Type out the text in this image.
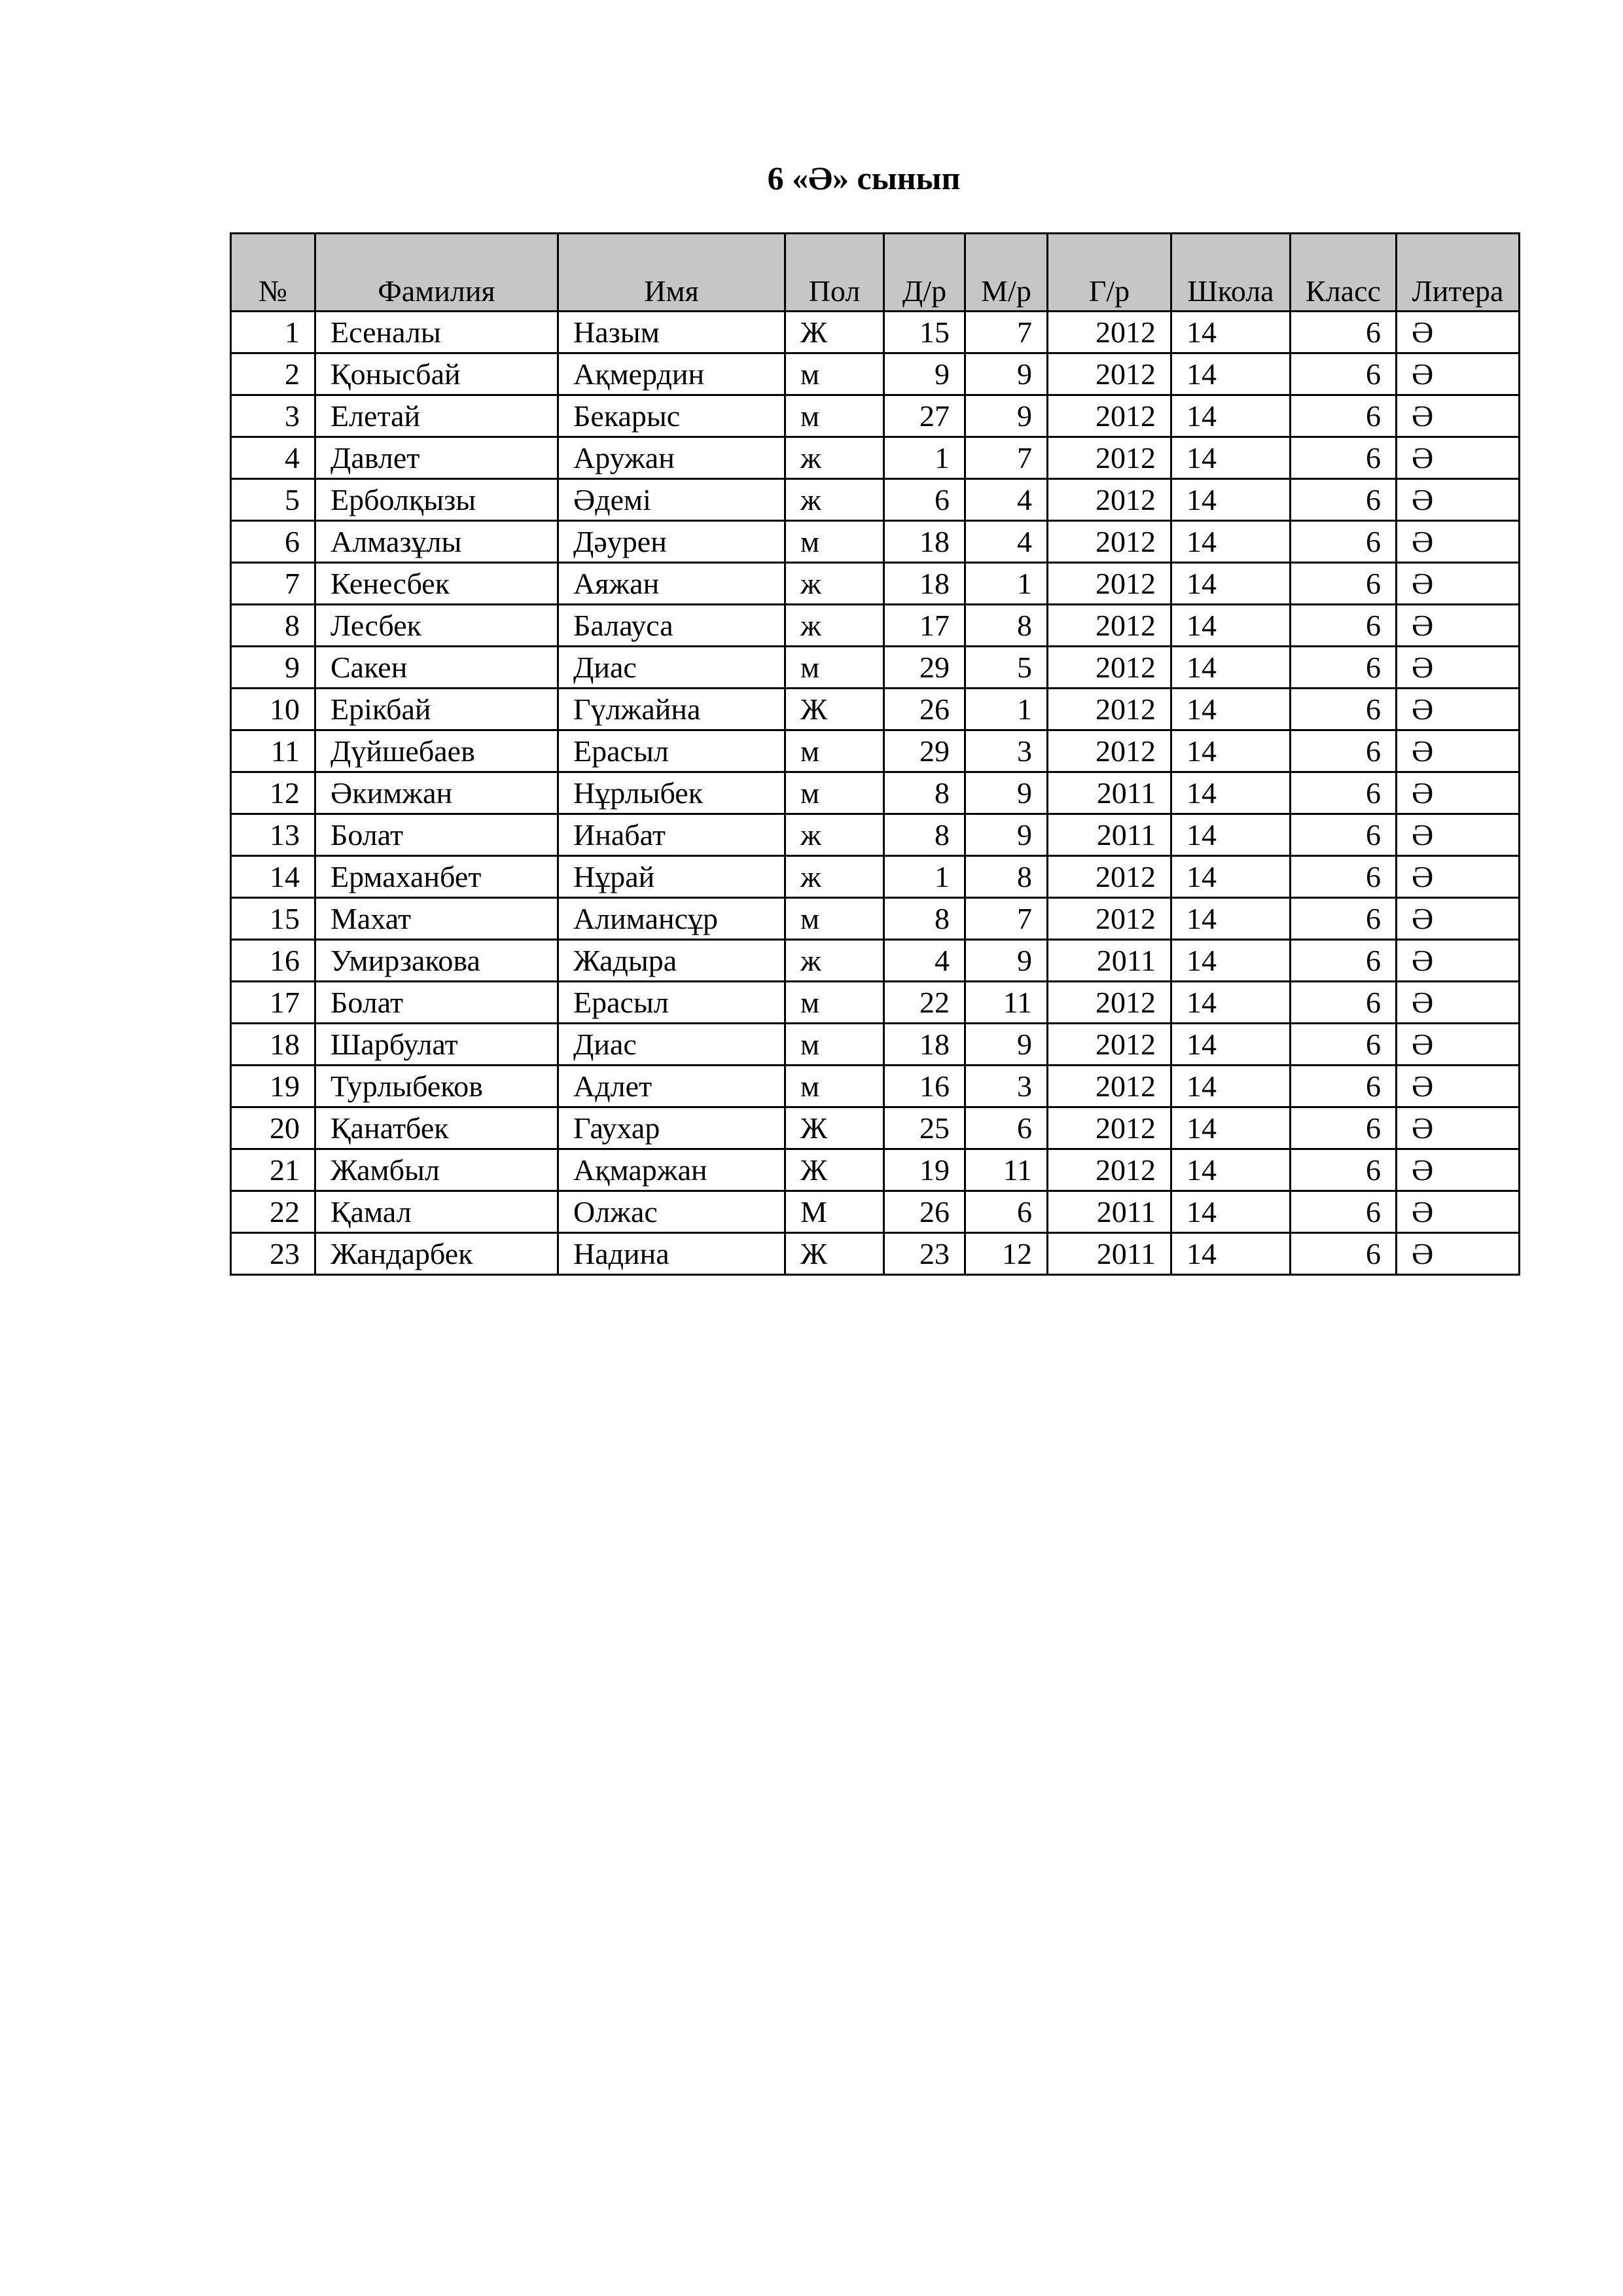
6 «Ә» сынып
№	Фамилия	Имя	Пол	Д/р	М/р	Г/р	Школа	Класс	Литера
1	Есеналы	Назым	Ж	15	7	2012	14	6	Ә
2	Қонысбай	Ақмердин	м	9	9	2012	14	6	Ә
3	Елетай	Бекарыс	м	27	9	2012	14	6	Ә
4	Давлет	Аружан	ж	1	7	2012	14	6	Ә
5	Ерболқызы	Әдемі	ж	6	4	2012	14	6	Ә
6	Алмазұлы	Дәурен	м	18	4	2012	14	6	Ә
7	Кенесбек	Аяжан	ж	18	1	2012	14	6	Ә
8	Лесбек	Балауса	ж	17	8	2012	14	6	Ә
9	Сакен	Диас	м	29	5	2012	14	6	Ә
10	Ерікбай	Гүлжайна	Ж	26	1	2012	14	6	Ә
11	Дүйшебаев	Ерасыл	м	29	3	2012	14	6	Ә
12	Әкимжан	Нұрлыбек	м	8	9	2011	14	6	Ә
13	Болат	Инабат	ж	8	9	2011	14	6	Ә
14	Ермаханбет	Нұрай	ж	1	8	2012	14	6	Ә
15	Махат	Алимансұр	м	8	7	2012	14	6	Ә
16	Умирзакова	Жадыра	ж	4	9	2011	14	6	Ә
17	Болат	Ерасыл	м	22	11	2012	14	6	Ә
18	Шарбулат	Диас	м	18	9	2012	14	6	Ә
19	Турлыбеков	Адлет	м	16	3	2012	14	6	Ә
20	Қанатбек	Гаухар	Ж	25	6	2012	14	6	Ә
21	Жамбыл	Ақмаржан	Ж	19	11	2012	14	6	Ә
22	Қамал	Олжас	М	26	6	2011	14	6	Ә
23	Жандарбек	Надина	Ж	23	12	2011	14	6	Ә
